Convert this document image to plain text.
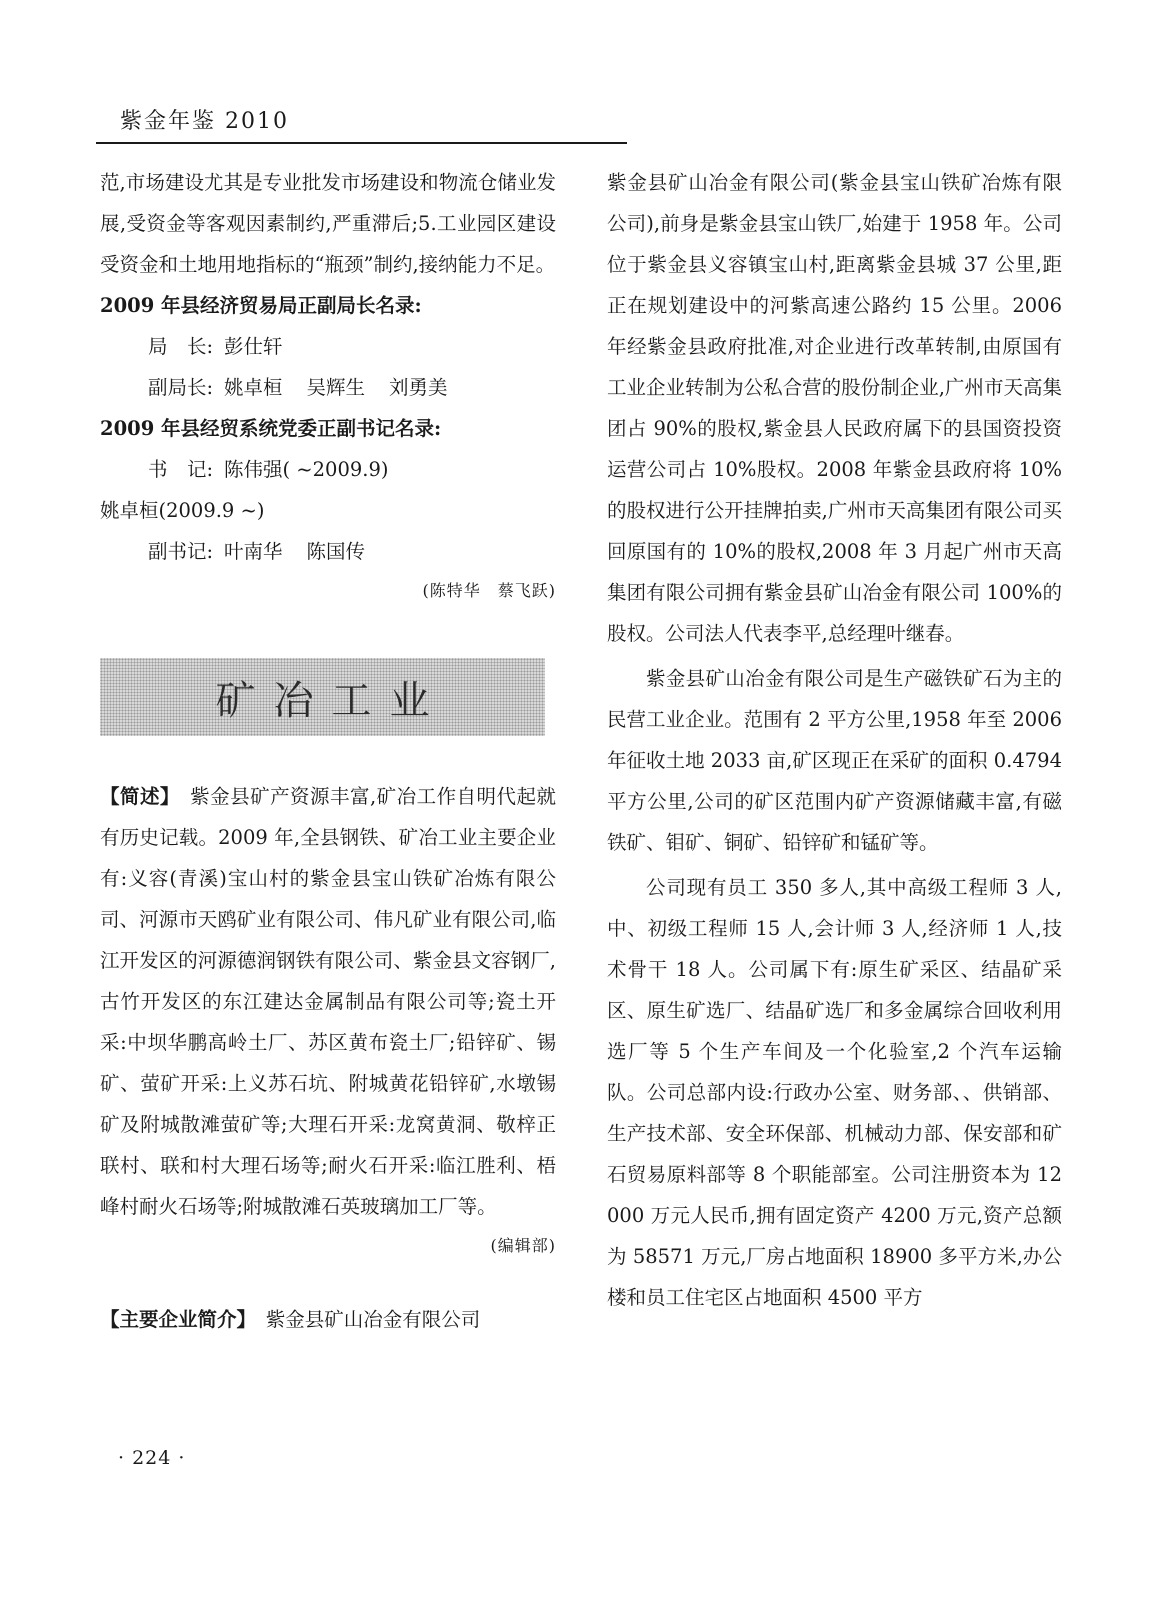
紫金年鉴 2010

范,市场建设尤其是专业批发市场建设和物流仓储业发展,受资金等客观因素制约,严重滞后;5.工业园区建设受资金和土地用地指标的“瓶颈”制约,接纳能力不足。

2009 年县经济贸易局正副局长名录:

局　长: 彭仕轩
副局长: 姚卓桓 吴辉生 刘勇美

2009 年县经贸系统党委正副书记名录:

书　记: 陈伟强( ~2009.9)
姚卓桓(2009.9 ~)
副书记: 叶南华 陈国传

(陈特华　蔡飞跃)

矿冶工业

【简述】　 紫金县矿产资源丰富,矿冶工作自明代起就有历史记载。2009 年,全县钢铁、矿冶工业主要企业有:义容(青溪)宝山村的紫金县宝山铁矿冶炼有限公司、河源市天鸥矿业有限公司、伟凡矿业有限公司,临江开发区的河源德润钢铁有限公司、紫金县文容钢厂,古竹开发区的东江建达金属制品有限公司等;瓷土开采:中坝华鹏高岭土厂、苏区黄布瓷土厂;铅锌矿、锡矿、萤矿开采:上义苏石坑、附城黄花铅锌矿,水墩锡矿及附城散滩萤矿等;大理石开采:龙窝黄洞、敬梓正联村、联和村大理石场等;耐火石开采:临江胜利、梧峰村耐火石场等;附城散滩石英玻璃加工厂等。

(编辑部)

【主要企业简介】　 紫金县矿山冶金有限公司

紫金县矿山冶金有限公司(紫金县宝山铁矿冶炼有限公司),前身是紫金县宝山铁厂,始建于 1958 年。公司位于紫金县义容镇宝山村,距离紫金县城 37 公里,距正在规划建设中的河紫高速公路约 15 公里。2006 年经紫金县政府批准,对企业进行改革转制,由原国有工业企业转制为公私合营的股份制企业,广州市天高集团占 90%的股权,紫金县人民政府属下的县国资投资运营公司占 10%股权。2008 年紫金县政府将 10%的股权进行公开挂牌拍卖,广州市天高集团有限公司买回原国有的 10%的股权,2008 年 3 月起广州市天高集团有限公司拥有紫金县矿山冶金有限公司 100%的股权。公司法人代表李平,总经理叶继春。

紫金县矿山冶金有限公司是生产磁铁矿石为主的民营工业企业。范围有 2 平方公里,1958 年至 2006 年征收土地 2033 亩,矿区现正在采矿的面积 0.4794 平方公里,公司的矿区范围内矿产资源储藏丰富,有磁铁矿、钼矿、铜矿、铅锌矿和锰矿等。

公司现有员工 350 多人,其中高级工程师 3 人,中、初级工程师 15 人,会计师 3 人,经济师 1 人,技术骨干 18 人。公司属下有:原生矿采区、结晶矿采区、原生矿选厂、结晶矿选厂和多金属综合回收利用选厂等 5 个生产车间及一个化验室,2 个汽车运输队。公司总部内设:行政办公室、财务部、、供销部、生产技术部、安全环保部、机械动力部、保安部和矿石贸易原料部等 8 个职能部室。公司注册资本为 12000 万元人民币,拥有固定资产 4200 万元,资产总额为 58571 万元,厂房占地面积 18900 多平方米,办公楼和员工住宅区占地面积 4500 平方

· 224 ·
